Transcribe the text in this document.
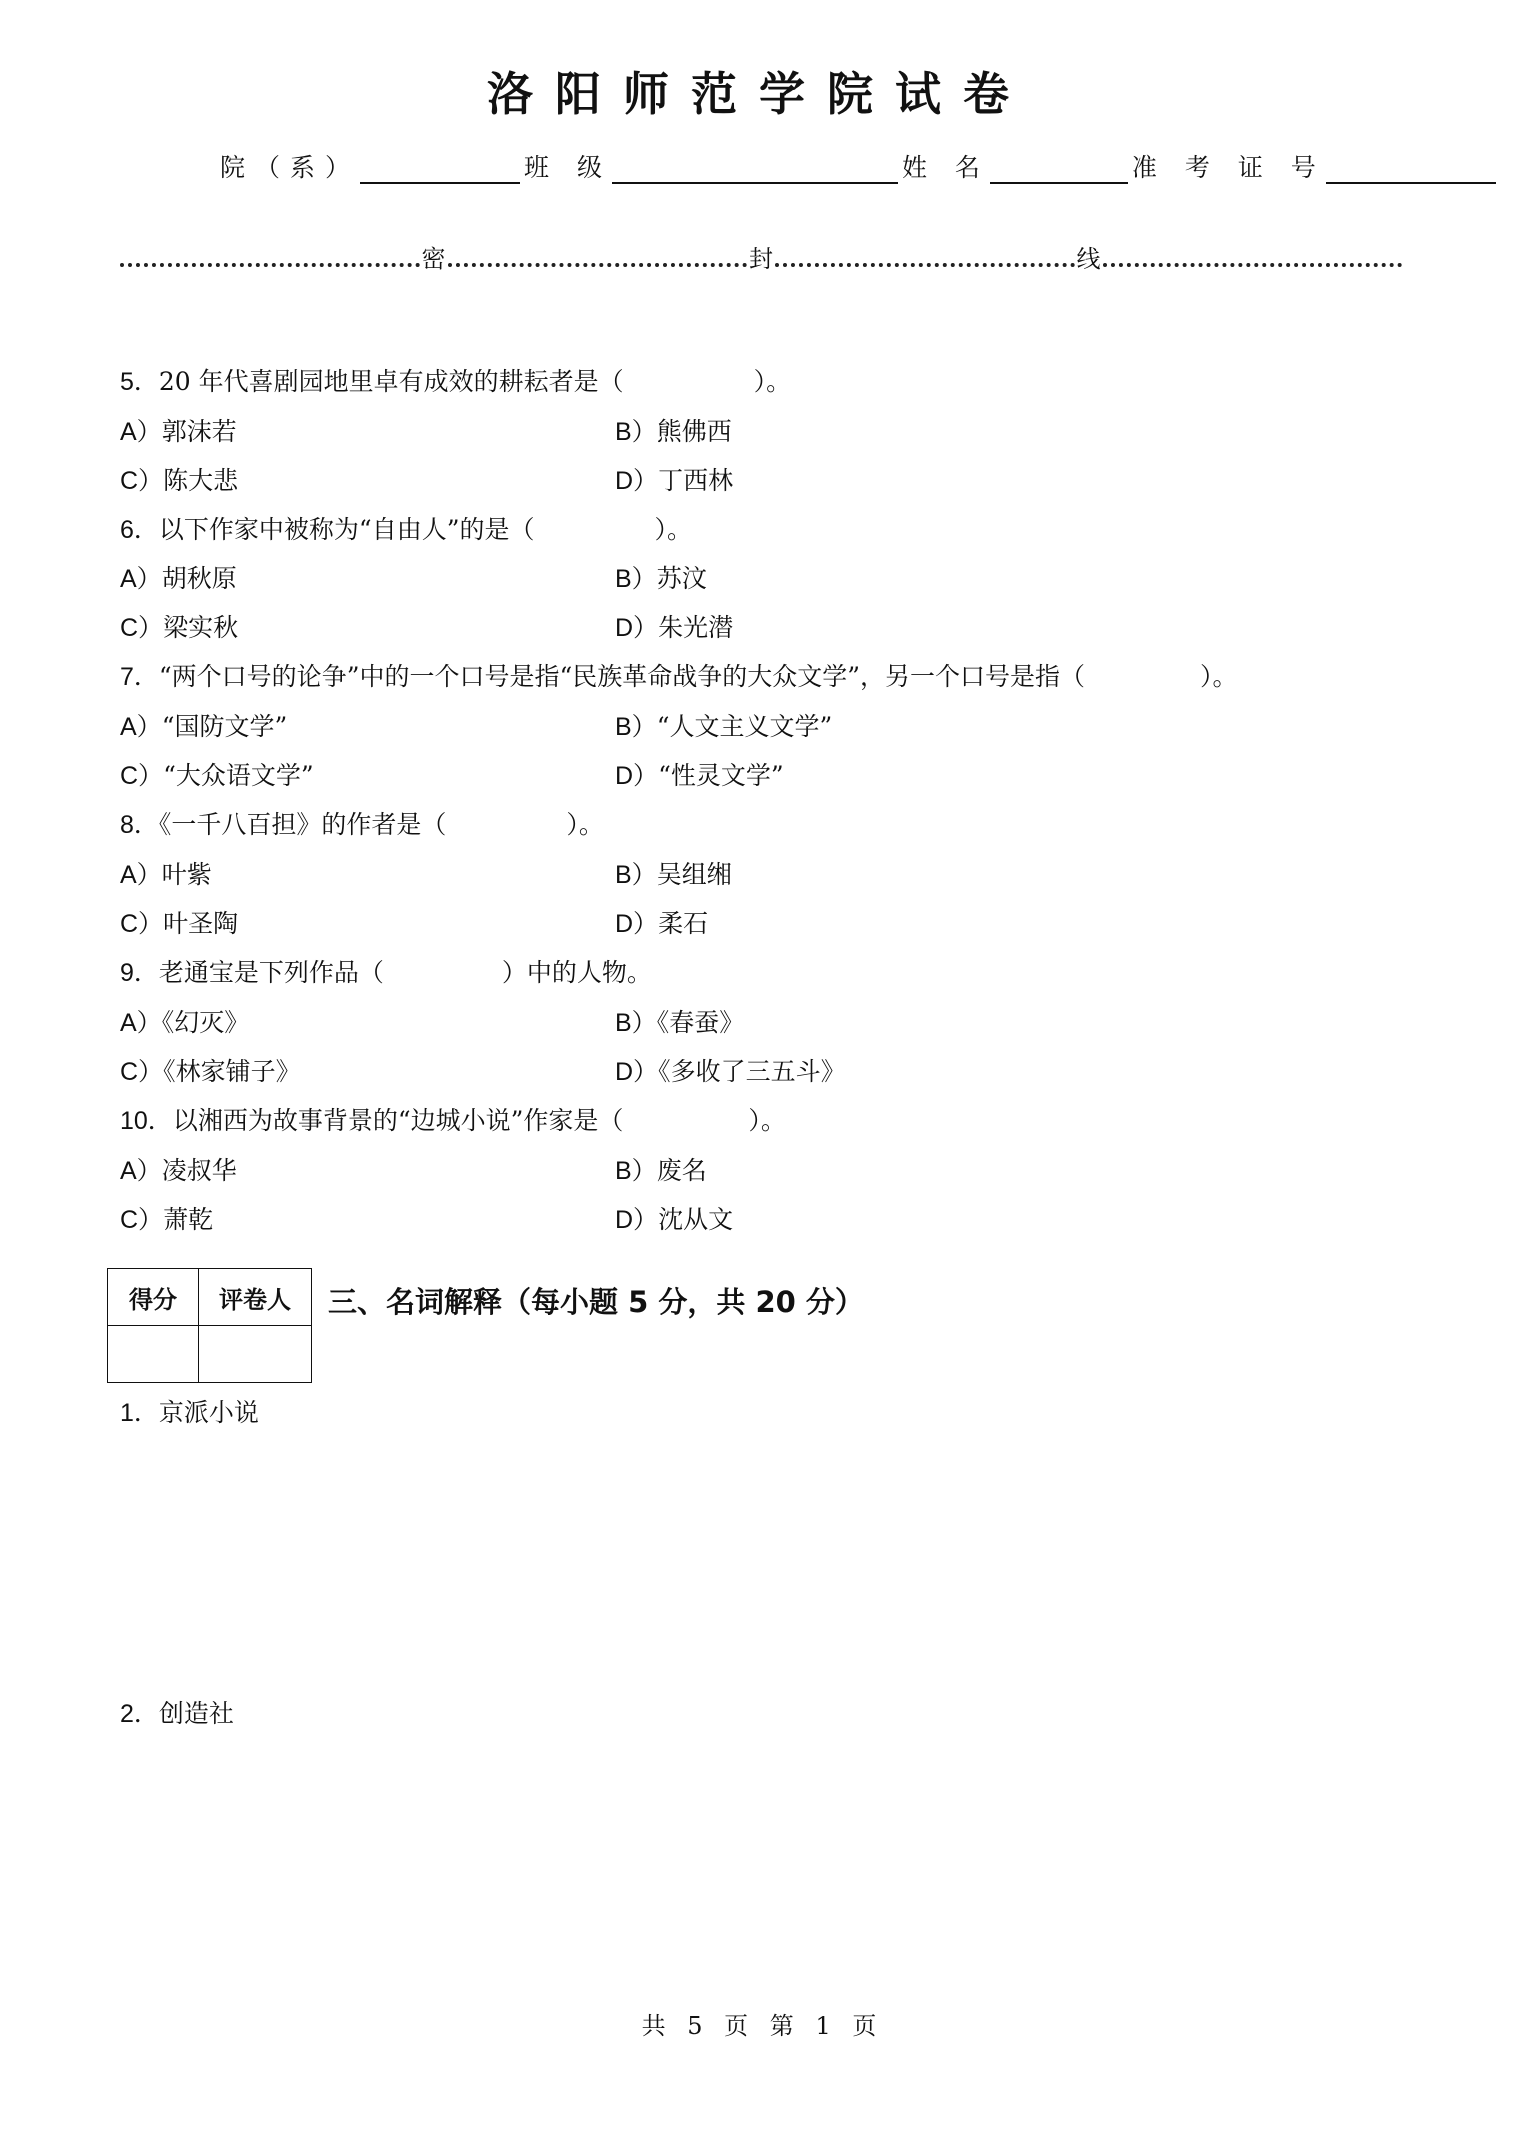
洛阳师范学院试卷
院（系）	班 级	姓 名	准 考 证 号
密	封	线
5．20 年代喜剧园地里卓有成效的耕耘者是（	）。
A）郭沫若	B）熊佛西
C）陈大悲	D）丁西林
6．以下作家中被称为“自由人”的是（	）。
A）胡秋原	B）苏汶
C）梁实秋	D）朱光潜
7．“两个口号的论争”中的一个口号是指“民族革命战争的大众文学”，另一个口号是指（	）。
A）“国防文学”	B）“人文主义文学”
C）“大众语文学”	D）“性灵文学”
8．《一千八百担》的作者是（	）。
A）叶紫	B）吴组缃
C）叶圣陶	D）柔石
9．老通宝是下列作品（	）中的人物。
A）《幻灭》	B）《春蚕》
C）《林家铺子》	D）《多收了三五斗》
10．以湘西为故事背景的“边城小说”作家是（	）。
A）凌叔华	B）废名
C）萧乾	D）沈从文
得分	评卷人
	三、名词解释（每小题 5 分，共 20 分）
1．京派小说
2．创造社
共 5 页 第 1 页
